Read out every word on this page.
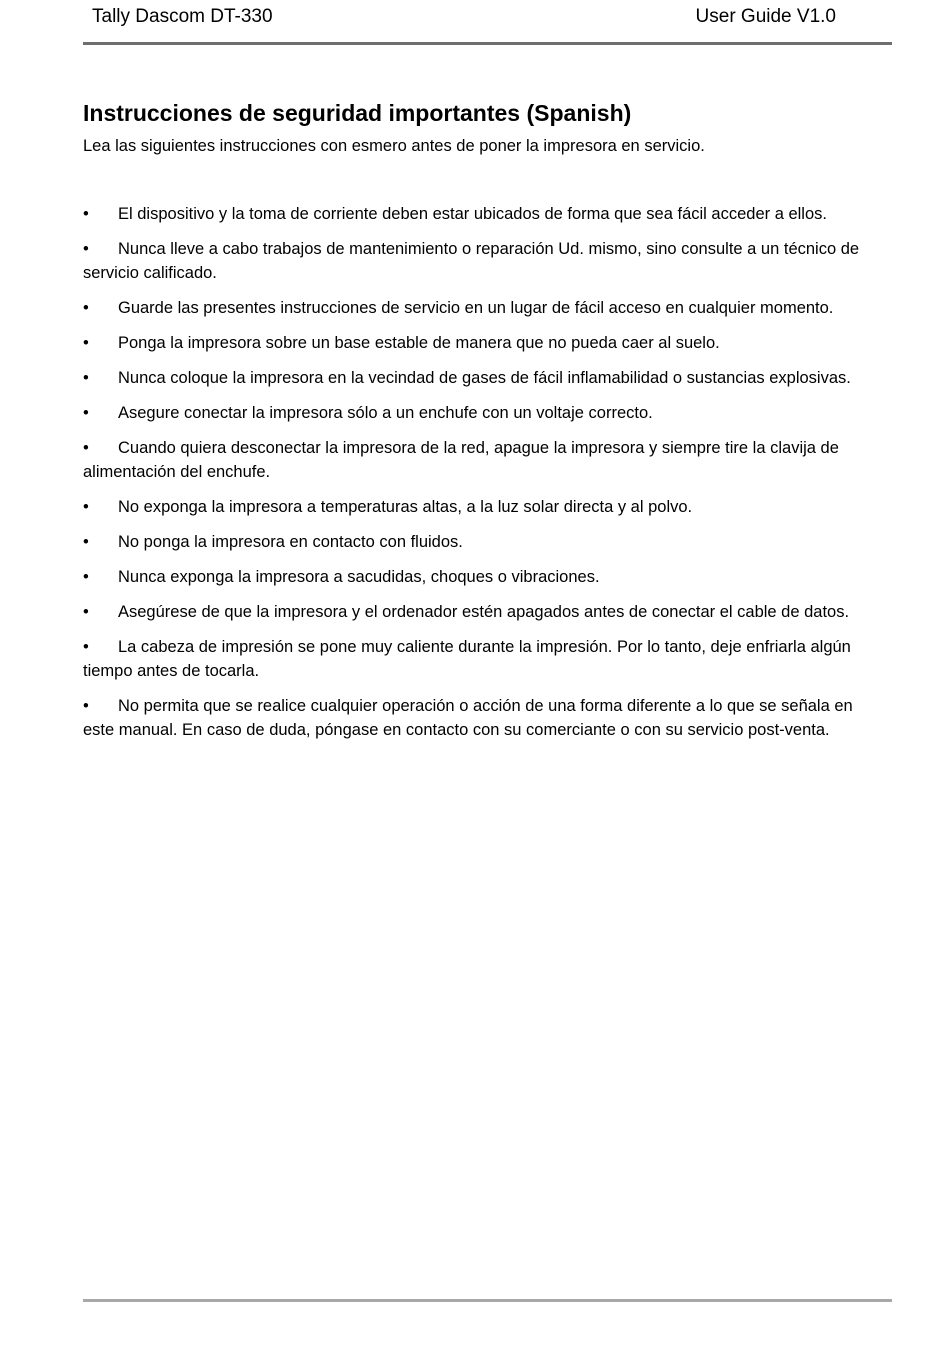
Tally Dascom DT-330	User Guide V1.0
Instrucciones de seguridad importantes (Spanish)

Lea las siguientes instrucciones con esmero antes de poner la impresora en servicio.

• El dispositivo y la toma de corriente deben estar ubicados de forma que sea fácil acceder a ellos.
• Nunca lleve a cabo trabajos de mantenimiento o reparación Ud. mismo, sino consulte a un técnico de servicio calificado.
• Guarde las presentes instrucciones de servicio en un lugar de fácil acceso en cualquier momento.
• Ponga la impresora sobre un base estable de manera que no pueda caer al suelo.
• Nunca coloque la impresora en la vecindad de gases de fácil inflamabilidad o sustancias explosivas.
• Asegure conectar la impresora sólo a un enchufe con un voltaje correcto.
• Cuando quiera desconectar la impresora de la red, apague la impresora y siempre tire la clavija de alimentación del enchufe.
• No exponga la impresora a temperaturas altas, a la luz solar directa y al polvo.
• No ponga la impresora en contacto con fluidos.
• Nunca exponga la impresora a sacudidas, choques o vibraciones.
• Asegúrese de que la impresora y el ordenador estén apagados antes de conectar el cable de datos.
• La cabeza de impresión se pone muy caliente durante la impresión. Por lo tanto, deje enfriarla algún tiempo antes de tocarla.
• No permita que se realice cualquier operación o acción de una forma diferente a lo que se señala en este manual. En caso de duda, póngase en contacto con su comerciante o con su servicio post-venta.
